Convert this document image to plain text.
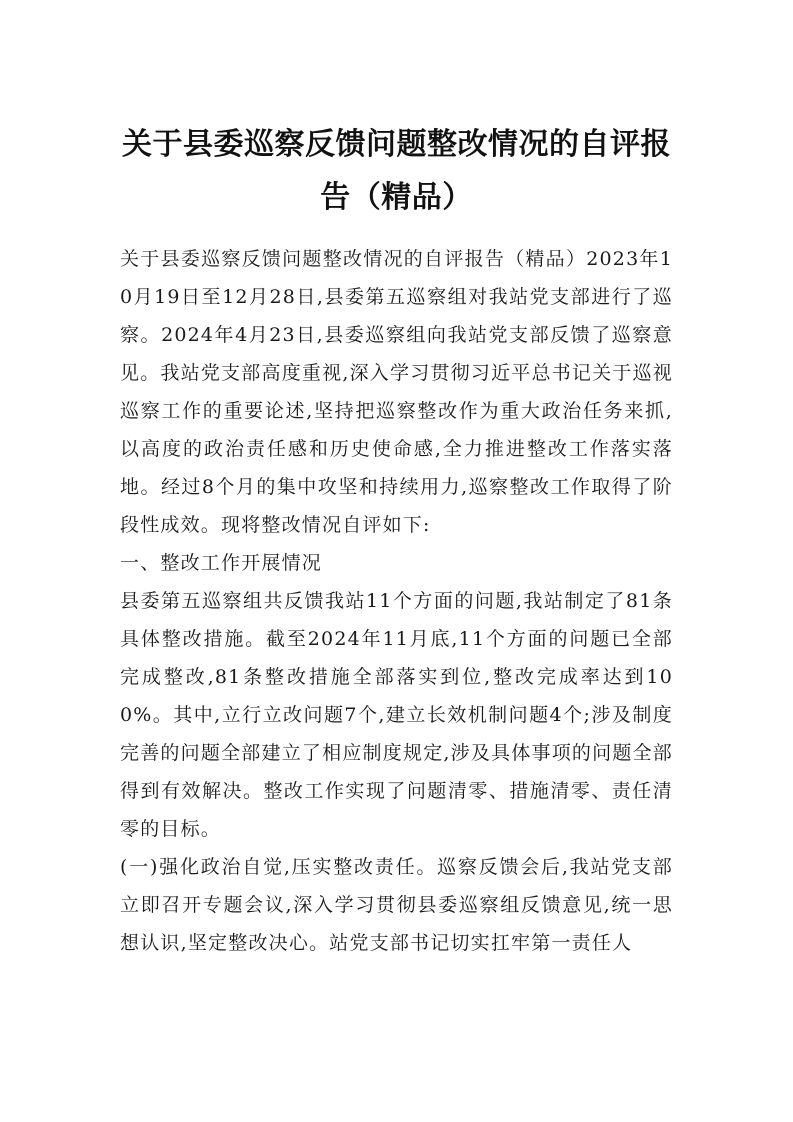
关于县委巡察反馈问题整改情况的自评报告（精品）

关于县委巡察反馈问题整改情况的自评报告（精品）2023年10月19日至12月28日,县委第五巡察组对我站党支部进行了巡察。2024年4月23日,县委巡察组向我站党支部反馈了巡察意见。我站党支部高度重视,深入学习贯彻习近平总书记关于巡视巡察工作的重要论述,坚持把巡察整改作为重大政治任务来抓,以高度的政治责任感和历史使命感,全力推进整改工作落实落地。经过8个月的集中攻坚和持续用力,巡察整改工作取得了阶段性成效。现将整改情况自评如下:

一、整改工作开展情况

县委第五巡察组共反馈我站11个方面的问题,我站制定了81条具体整改措施。截至2024年11月底,11个方面的问题已全部完成整改,81条整改措施全部落实到位,整改完成率达到100%。其中,立行立改问题7个,建立长效机制问题4个;涉及制度完善的问题全部建立了相应制度规定,涉及具体事项的问题全部得到有效解决。整改工作实现了问题清零、措施清零、责任清零的目标。

(一)强化政治自觉,压实整改责任。巡察反馈会后,我站党支部立即召开专题会议,深入学习贯彻县委巡察组反馈意见,统一思想认识,坚定整改决心。站党支部书记切实扛牢第一责任人
